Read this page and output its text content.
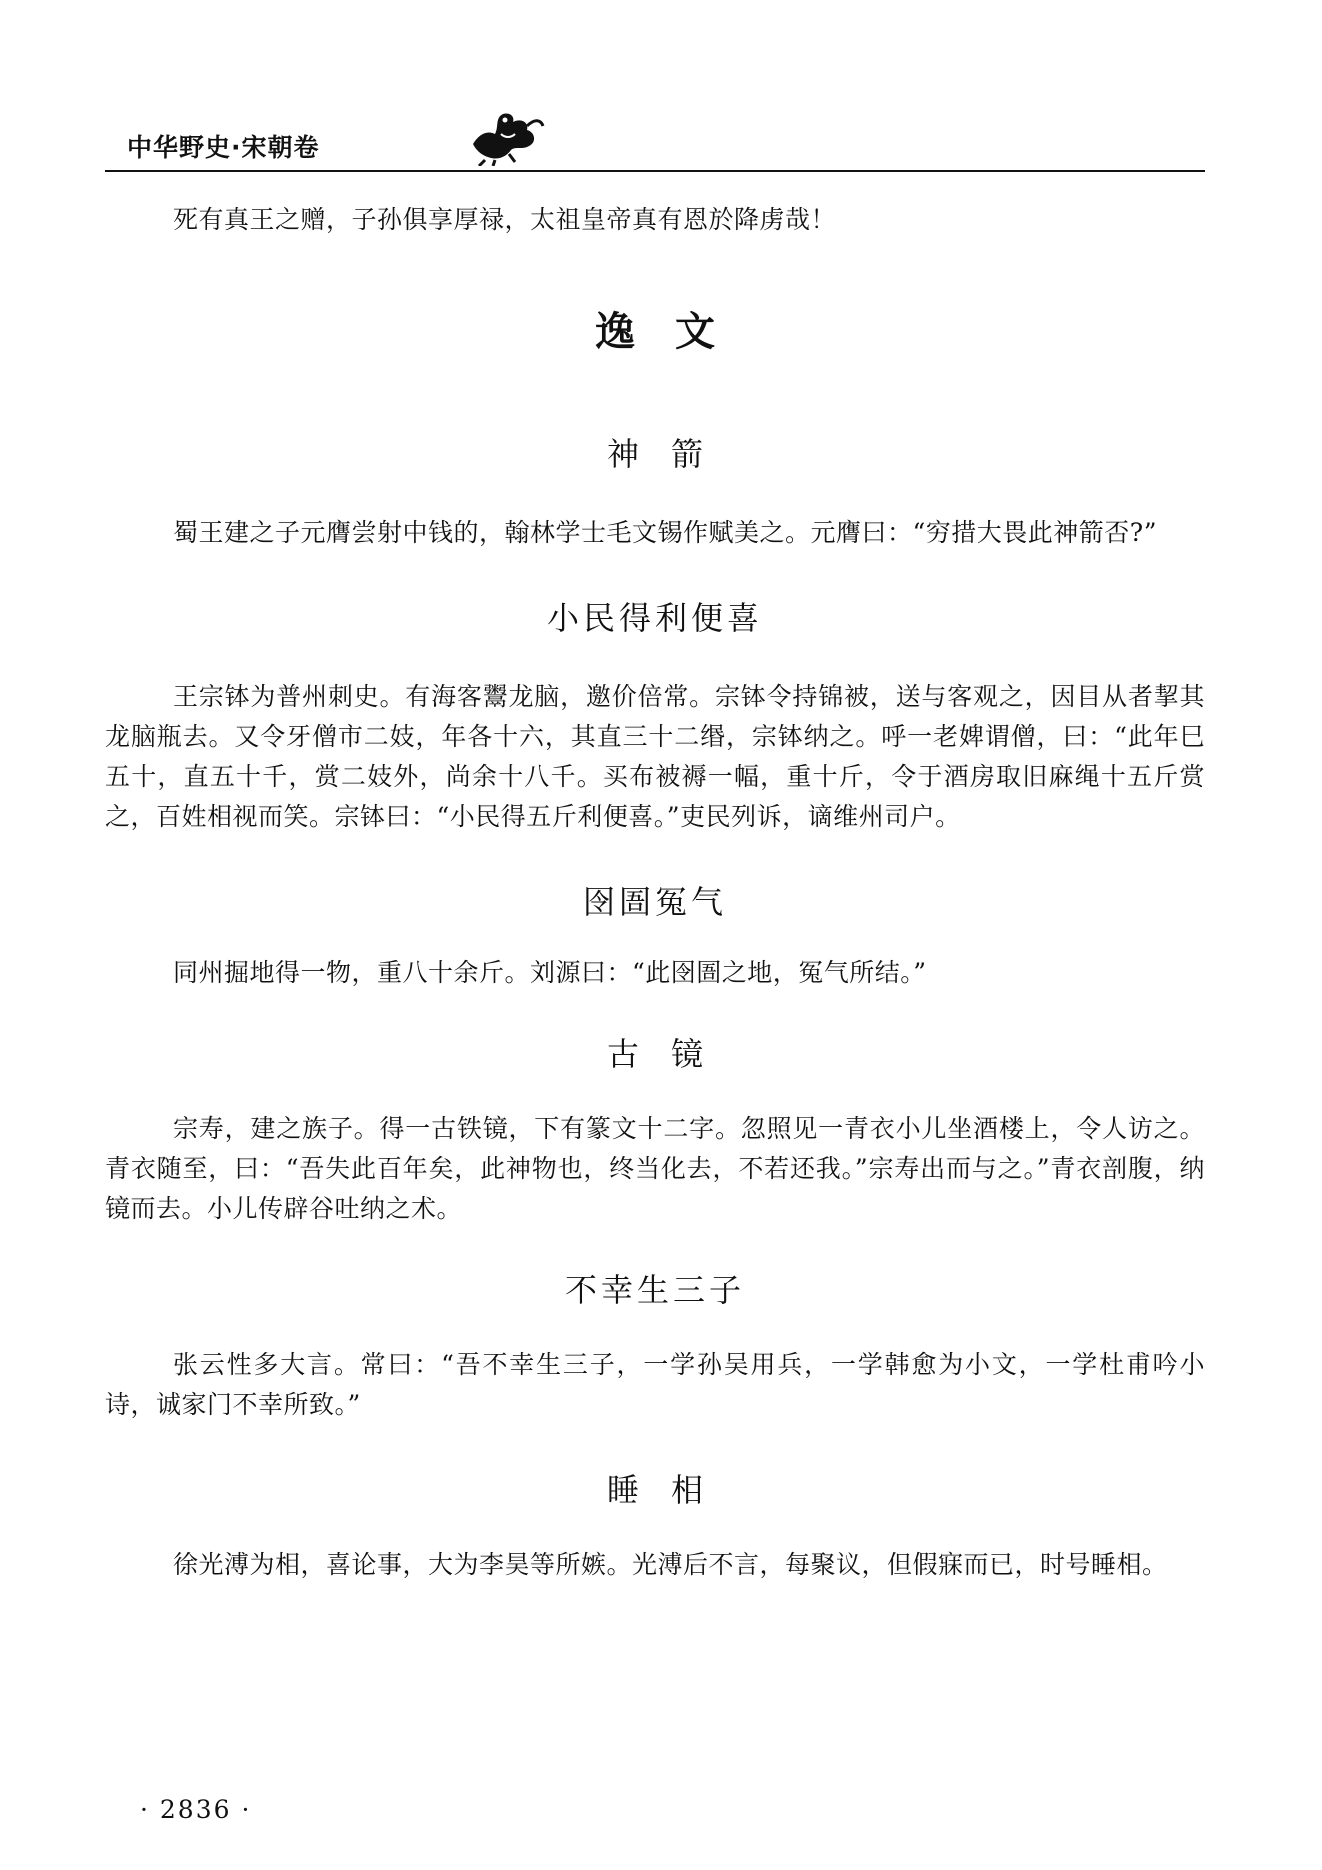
中华野史·宋朝卷

死有真王之赠，子孙俱享厚禄，太祖皇帝真有恩於降虏哉！

逸文
神箭

蜀王建之子元膺尝射中钱的，翰林学士毛文锡作赋美之。元膺曰：“穷措大畏此神箭否?”

小民得利便喜

王宗钵为普州刺史。有海客鬻龙脑，邀价倍常。宗钵令持锦被，送与客观之，因目从者挈其龙脑瓶去。又令牙僧市二妓，年各十六，其直三十二缗，宗钵纳之。呼一老婢谓僧，曰：“此年巳五十，直五十千，赏二妓外，尚余十八千。买布被褥一幅，重十斤，令于酒房取旧麻绳十五斤赏之，百姓相视而笑。宗钵曰：“小民得五斤利便喜。”吏民列诉，谪维州司户。

囹圄冤气

同州掘地得一物，重八十余斤。刘源曰：“此囹圄之地，冤气所结。”

古镜

宗寿，建之族子。得一古铁镜，下有篆文十二字。忽照见一青衣小儿坐酒楼上，令人访之。青衣随至，曰：“吾失此百年矣，此神物也，终当化去，不若还我。”宗寿出而与之。”青衣剖腹，纳镜而去。小儿传辟谷吐纳之术。

不幸生三子

张云性多大言。常曰：“吾不幸生三子，一学孙吴用兵，一学韩愈为小文，一学杜甫吟小诗，诚家门不幸所致。”

睡相

徐光溥为相，喜论事，大为李昊等所嫉。光溥后不言，每聚议，但假寐而已，时号睡相。

· 2836 ·
